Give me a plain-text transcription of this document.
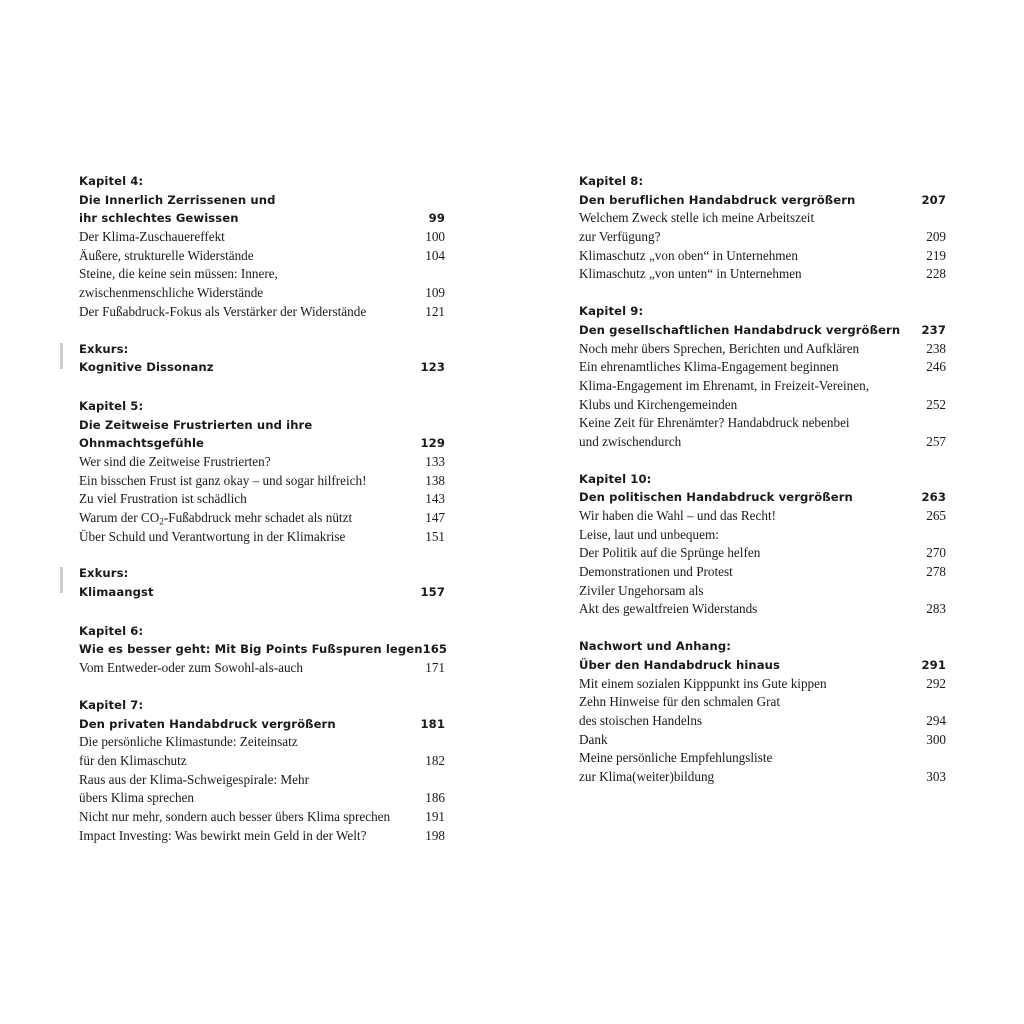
Kapitel 4:
Die Innerlich Zerrissenen und
ihr schlechtes Gewissen	99
Der Klima-Zuschauereffekt	100
Äußere, strukturelle Widerstände	104
Steine, die keine sein müssen: Innere,
zwischenmenschliche Widerstände	109
Der Fußabdruck-Fokus als Verstärker der Widerstände	121
Exkurs:
Kognitive Dissonanz	123
Kapitel 5:
Die Zeitweise Frustrierten und ihre
Ohnmachtsgefühle	129
Wer sind die Zeitweise Frustrierten?	133
Ein bisschen Frust ist ganz okay – und sogar hilfreich!	138
Zu viel Frustration ist schädlich	143
Warum der $CO_2$-Fußabdruck mehr schadet als nützt	147
Über Schuld und Verantwortung in der Klimakrise	151
Exkurs:
Klimaangst	157
Kapitel 6:
Wie es besser geht: Mit Big Points Fußspuren legen 165
Vom Entweder-oder zum Sowohl-als-auch	171
Kapitel 7:
Den privaten Handabdruck vergrößern	181
Die persönliche Klimastunde: Zeiteinsatz
für den Klimaschutz	182
Raus aus der Klima-Schweigespirale: Mehr
übers Klima sprechen	186
Nicht nur mehr, sondern auch besser übers Klima sprechen	191
Impact Investing: Was bewirkt mein Geld in der Welt?	198
Kapitel 8:
Den beruflichen Handabdruck vergrößern	207
Welchem Zweck stelle ich meine Arbeitszeit
zur Verfügung?	209
Klimaschutz „von oben“ in Unternehmen	219
Klimaschutz „von unten“ in Unternehmen	228
Kapitel 9:
Den gesellschaftlichen Handabdruck vergrößern 237
Noch mehr übers Sprechen, Berichten und Aufklären	238
Ein ehrenamtliches Klima-Engagement beginnen	246
Klima-Engagement im Ehrenamt, in Freizeit-Vereinen,
Klubs und Kirchengemeinden	252
Keine Zeit für Ehrenämter? Handabdruck nebenbei
und zwischendurch	257
Kapitel 10:
Den politischen Handabdruck vergrößern	263
Wir haben die Wahl – und das Recht!	265
Leise, laut und unbequem:
Der Politik auf die Sprünge helfen	270
Demonstrationen und Protest	278
Ziviler Ungehorsam als
Akt des gewaltfreien Widerstands	283
Nachwort und Anhang:
Über den Handabdruck hinaus	291
Mit einem sozialen Kipppunkt ins Gute kippen	292
Zehn Hinweise für den schmalen Grat
des stoischen Handelns	294
Dank	300
Meine persönliche Empfehlungsliste
zur Klima(weiter)bildung	303
